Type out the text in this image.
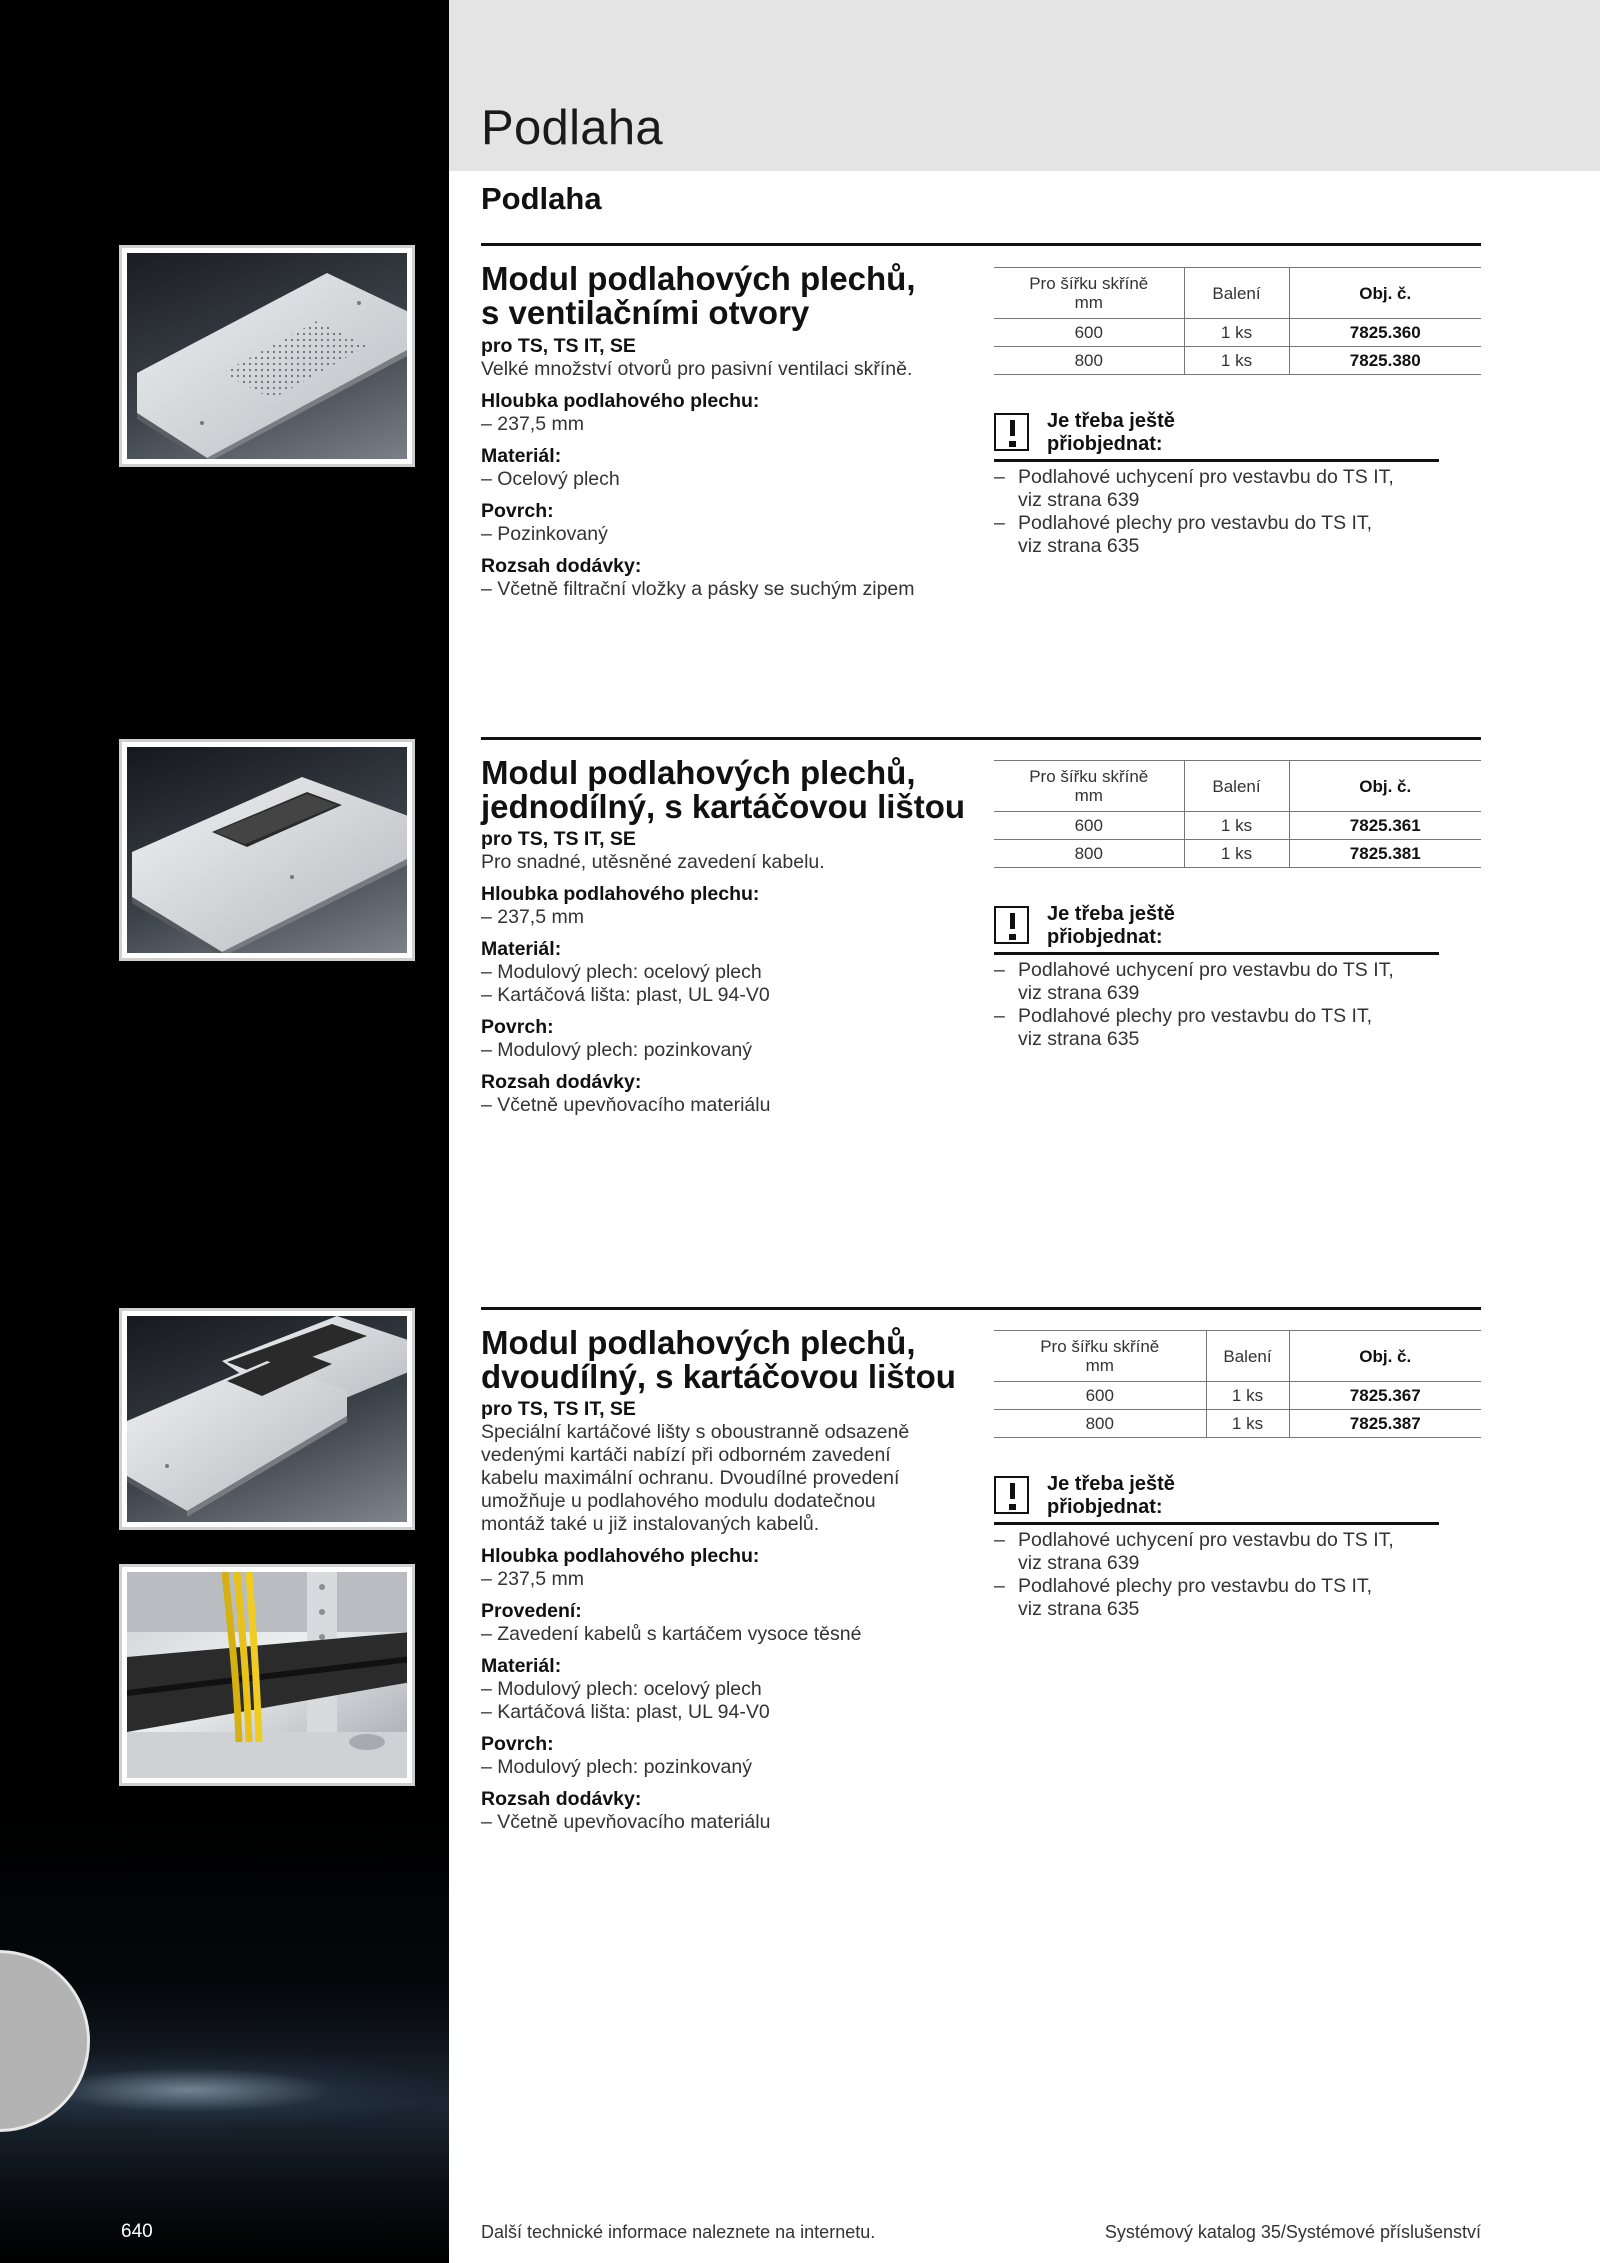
640
Podlaha
Podlaha
Modul podlahových plechů,
s ventilačními otvory
pro TS, TS IT, SE
Velké množství otvorů pro pasivní ventilaci skříně.
Hloubka podlahového plechu:
– 237,5 mm
Materiál:
– Ocelový plech
Povrch:
– Pozinkovaný
Rozsah dodávky:
– Včetně filtrační vložky a pásky se suchým zipem
Pro šířku skříně
mm	Balení	Obj. č.
600	1 ks	7825.360
800	1 ks	7825.380
Je třeba ještě
přiobjednat:
– Podlahové uchycení pro vestavbu do TS IT,
viz strana 639
– Podlahové plechy pro vestavbu do TS IT,
viz strana 635
Modul podlahových plechů,
jednodílný, s kartáčovou lištou
pro TS, TS IT, SE
Pro snadné, utěsněné zavedení kabelu.
Hloubka podlahového plechu:
– 237,5 mm
Materiál:
– Modulový plech: ocelový plech
– Kartáčová lišta: plast, UL 94-V0
Povrch:
– Modulový plech: pozinkovaný
Rozsah dodávky:
– Včetně upevňovacího materiálu
Pro šířku skříně
mm	Balení	Obj. č.
600	1 ks	7825.361
800	1 ks	7825.381
Je třeba ještě
přiobjednat:
– Podlahové uchycení pro vestavbu do TS IT,
viz strana 639
– Podlahové plechy pro vestavbu do TS IT,
viz strana 635
Modul podlahových plechů,
dvoudílný, s kartáčovou lištou
pro TS, TS IT, SE
Speciální kartáčové lišty s oboustranně odsazeně
vedenými kartáči nabízí při odborném zavedení
kabelu maximální ochranu. Dvoudílné provedení
umožňuje u podlahového modulu dodatečnou
montáž také u již instalovaných kabelů.
Hloubka podlahového plechu:
– 237,5 mm
Provedení:
– Zavedení kabelů s kartáčem vysoce těsné
Materiál:
– Modulový plech: ocelový plech
– Kartáčová lišta: plast, UL 94-V0
Povrch:
– Modulový plech: pozinkovaný
Rozsah dodávky:
– Včetně upevňovacího materiálu
Pro šířku skříně
mm	Balení	Obj. č.
600	1 ks	7825.367
800	1 ks	7825.387
Je třeba ještě
přiobjednat:
– Podlahové uchycení pro vestavbu do TS IT,
viz strana 639
– Podlahové plechy pro vestavbu do TS IT,
viz strana 635
Další technické informace naleznete na internetu.	Systémový katalog 35/Systémové příslušenství
